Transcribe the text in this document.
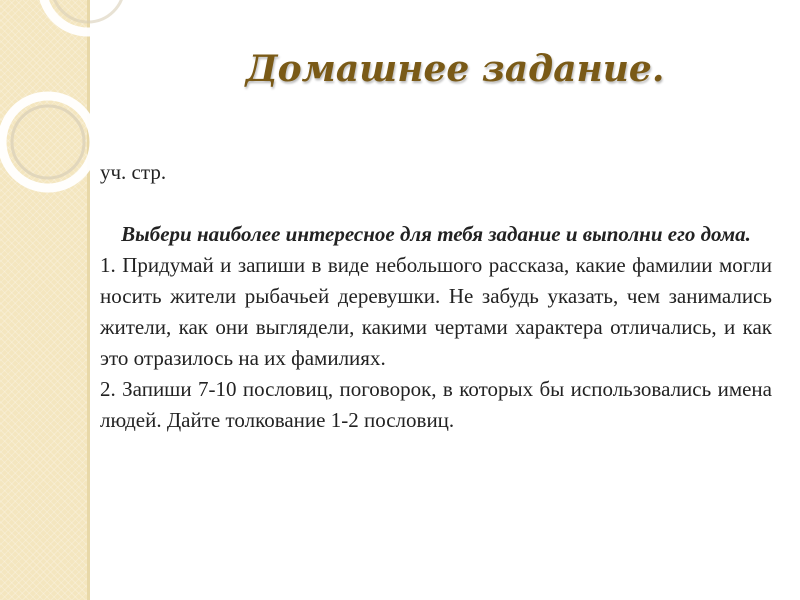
Домашнее задание.

уч. стр.

Выбери наиболее интересное для тебя задание и выполни его дома.

1. Придумай и запиши в виде небольшого рассказа, какие фамилии могли носить жители рыбачьей деревушки. Не забудь указать, чем занимались жители, как они выглядели, какими чертами характера отличались, и как это отразилось на их фамилиях.

2. Запиши 7-10 пословиц, поговорок, в которых бы использовались имена людей. Дайте толкование 1-2 пословиц.
